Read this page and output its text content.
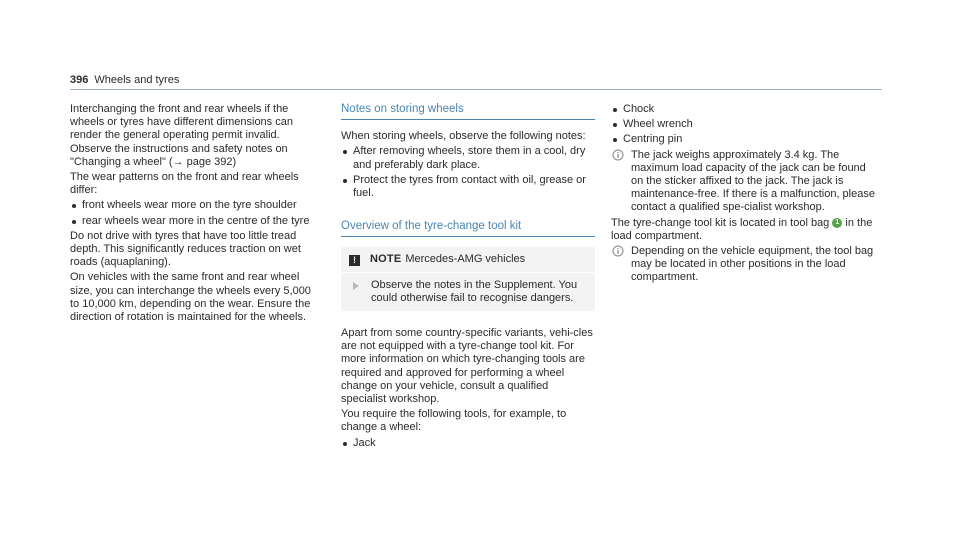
396 Wheels and tyres

Interchanging the front and rear wheels if the wheels or tyres have different dimensions can render the general operating permit invalid. Observe the instructions and safety notes on "Changing a wheel" (→ page 392)

The wear patterns on the front and rear wheels differ:

front wheels wear more on the tyre shoulder
rear wheels wear more in the centre of the tyre

Do not drive with tyres that have too little tread depth. This significantly reduces traction on wet roads (aquaplaning).

On vehicles with the same front and rear wheel size, you can interchange the wheels every 5,000 to 10,000 km, depending on the wear. Ensure the direction of rotation is maintained for the wheels.

Notes on storing wheels

When storing wheels, observe the following notes:

After removing wheels, store them in a cool, dry and preferably dark place.
Protect the tyres from contact with oil, grease or fuel.
Overview of the tyre-change tool kit
!	NOTE Mercedes-AMG vehicles
Observe the notes in the Supplement. You could otherwise fail to recognise dangers.

Apart from some country-specific variants, vehi-cles are not equipped with a tyre-change tool kit. For more information on which tyre-changing tools are required and approved for performing a wheel change on your vehicle, consult a qualified specialist workshop.

You require the following tools, for example, to change a wheel:

Jack
Chock
Wheel wrench
Centring pin
The jack weighs approximately 3.4 kg. The maximum load capacity of the jack can be found on the sticker affixed to the jack. The jack is maintenance-free. If there is a malfunction, please contact a qualified spe-cialist workshop.

The tyre-change tool kit is located in tool bag 1 in the load compartment.

Depending on the vehicle equipment, the tool bag may be located in other positions in the load compartment.
